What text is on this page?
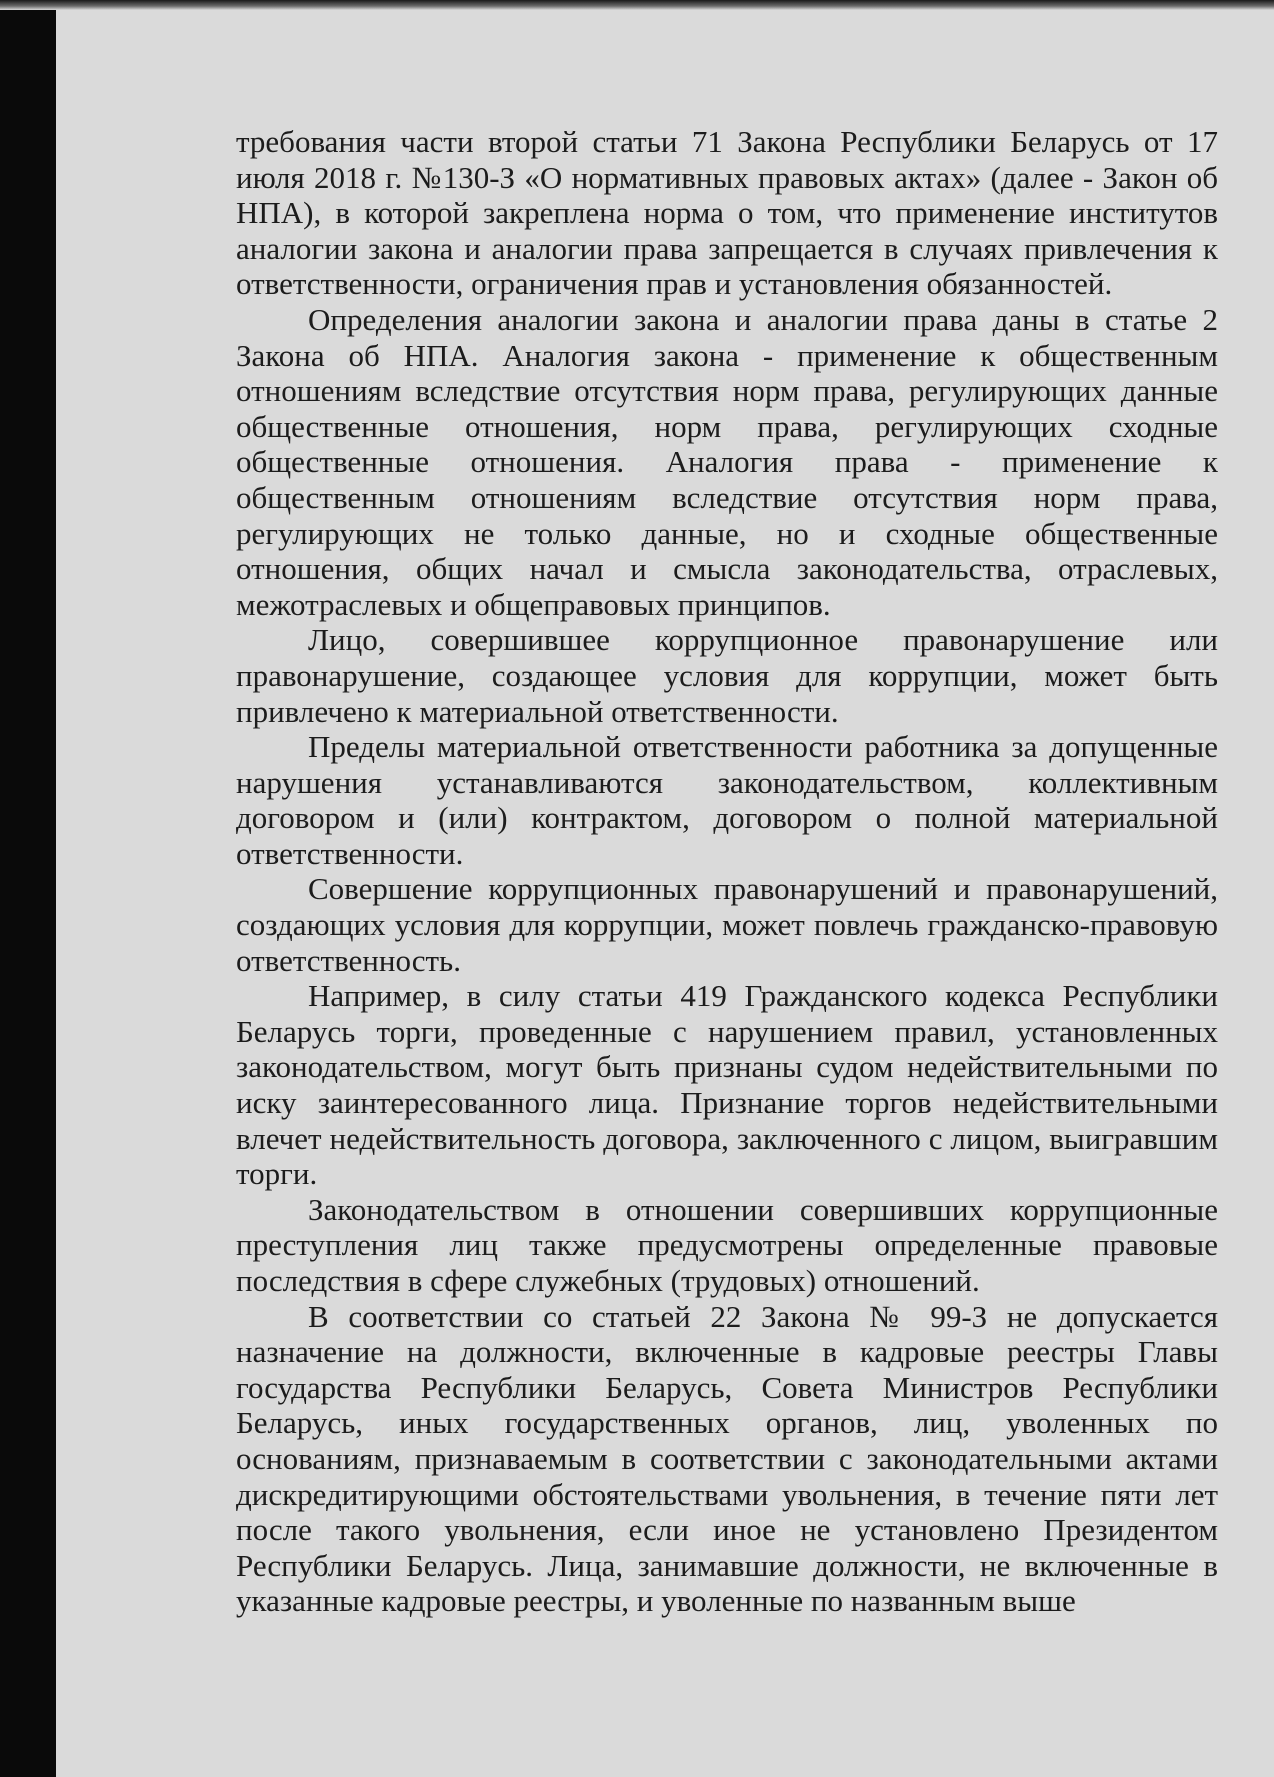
требования части второй статьи 71 Закона Республики Беларусь от 17 июля 2018 г. №130-З «О нормативных правовых актах» (далее - Закон об НПА), в которой закреплена норма о том, что применение институтов аналогии закона и аналогии права запрещается в случаях привлечения к ответственности, ограничения прав и установления обязанностей.

Определения аналогии закона и аналогии права даны в статье 2 Закона об НПА. Аналогия закона - применение к общественным отношениям вследствие отсутствия норм права, регулирующих данные общественные отношения, норм права, регулирующих сходные общественные отношения. Аналогия права - применение к общественным отношениям вследствие отсутствия норм права, регулирующих не только данные, но и сходные общественные отношения, общих начал и смысла законодательства, отраслевых, межотраслевых и общеправовых принципов.

Лицо, совершившее коррупционное правонарушение или правонарушение, создающее условия для коррупции, может быть привлечено к материальной ответственности.

Пределы материальной ответственности работника за допущенные нарушения устанавливаются законодательством, коллективным договором и (или) контрактом, договором о полной материальной ответственности.

Совершение коррупционных правонарушений и правонарушений, создающих условия для коррупции, может повлечь гражданско-правовую ответственность.

Например, в силу статьи 419 Гражданского кодекса Республики Беларусь торги, проведенные с нарушением правил, установленных законодательством, могут быть признаны судом недействительными по иску заинтересованного лица. Признание торгов недействительными влечет недействительность договора, заключенного с лицом, выигравшим торги.

Законодательством в отношении совершивших коррупционные преступления лиц также предусмотрены определенные правовые последствия в сфере служебных (трудовых) отношений.

В соответствии со статьей 22 Закона № 99-З не допускается назначение на должности, включенные в кадровые реестры Главы государства Республики Беларусь, Совета Министров Республики Беларусь, иных государственных органов, лиц, уволенных по основаниям, признаваемым в соответствии с законодательными актами дискредитирующими обстоятельствами увольнения, в течение пяти лет после такого увольнения, если иное не установлено Президентом Республики Беларусь. Лица, занимавшие должности, не включенные в указанные кадровые реестры, и уволенные по названным выше
